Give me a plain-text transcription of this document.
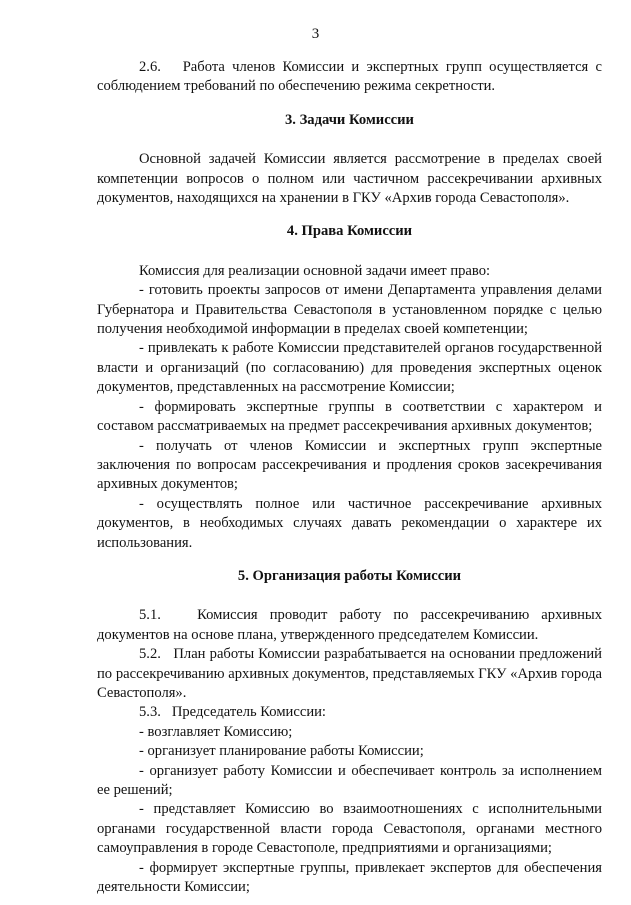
3

2.6.   Работа членов Комиссии и экспертных групп осуществляется с соблюдением требований по обеспечению режима секретности.

3. Задачи Комиссии

Основной задачей Комиссии является рассмотрение в пределах своей компетенции вопросов о полном или частичном рассекречивании архивных документов, находящихся на хранении в ГКУ «Архив города Севастополя».

4. Права Комиссии

Комиссия для реализации основной задачи имеет право:

- готовить проекты запросов от имени Департамента управления делами Губернатора и Правительства Севастополя в установленном порядке с целью получения необходимой информации в пределах своей компетенции;

- привлекать к работе Комиссии представителей органов государственной власти и организаций (по согласованию) для проведения экспертных оценок документов, представленных на рассмотрение Комиссии;

- формировать экспертные группы в соответствии с характером и составом рассматриваемых на предмет рассекречивания архивных документов;

- получать от членов Комиссии и экспертных групп экспертные заключения по вопросам рассекречивания и продления сроков засекречивания архивных документов;

- осуществлять полное или частичное рассекречивание архивных документов, в необходимых случаях давать рекомендации о характере их использования.

5. Организация работы Комиссии

5.1.   Комиссия проводит работу по рассекречиванию архивных документов на основе плана, утвержденного председателем Комиссии.

5.2.   План работы Комиссии разрабатывается на основании предложений по рассекречиванию архивных документов, представляемых ГКУ «Архив города Севастополя».

5.3.   Председатель Комиссии:

- возглавляет Комиссию;

- организует планирование работы Комиссии;

- организует работу Комиссии и обеспечивает контроль за исполнением ее решений;

- представляет Комиссию во взаимоотношениях с исполнительными органами государственной власти города Севастополя, органами местного самоуправления в городе Севастополе, предприятиями и организациями;

- формирует экспертные группы, привлекает экспертов для обеспечения деятельности Комиссии;
